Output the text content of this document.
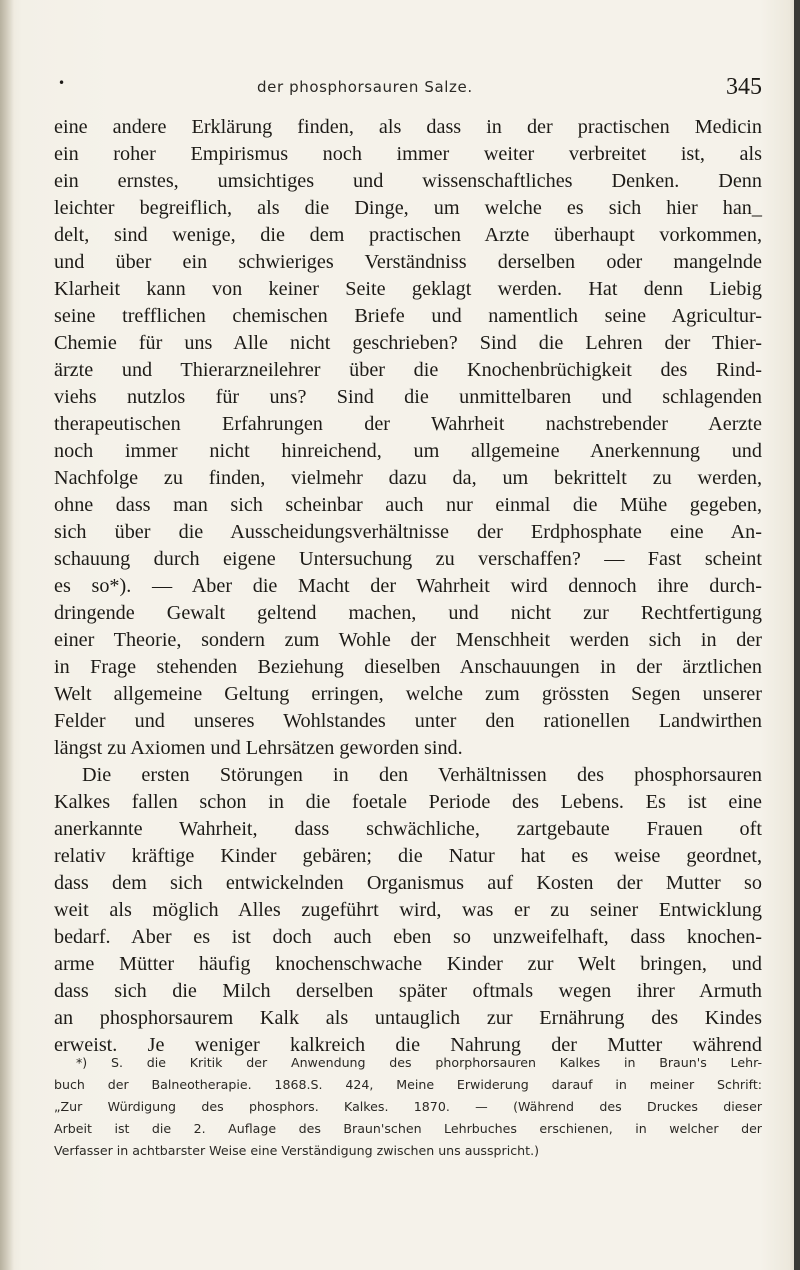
•	der phosphorsauren Salze.	345
eine andere Erklärung finden, als dass in der practischen Medicin
ein roher Empirismus noch immer weiter verbreitet ist, als
ein ernstes, umsichtiges und wissenschaftliches Denken. Denn
leichter begreiflich, als die Dinge, um welche es sich hier han_
delt, sind wenige, die dem practischen Arzte überhaupt vorkommen,
und über ein schwieriges Verständniss derselben oder mangelnde
Klarheit kann von keiner Seite geklagt werden. Hat denn Liebig
seine trefflichen chemischen Briefe und namentlich seine Agricultur-
Chemie für uns Alle nicht geschrieben? Sind die Lehren der Thier-
ärzte und Thierarzneilehrer über die Knochenbrüchigkeit des Rind-
viehs nutzlos für uns? Sind die unmittelbaren und schlagenden
therapeutischen Erfahrungen der Wahrheit nachstrebender Aerzte
noch immer nicht hinreichend, um allgemeine Anerkennung und
Nachfolge zu finden, vielmehr dazu da, um bekrittelt zu werden,
ohne dass man sich scheinbar auch nur einmal die Mühe gegeben,
sich über die Ausscheidungsverhältnisse der Erdphosphate eine An-
schauung durch eigene Untersuchung zu verschaffen? — Fast scheint
es so*). — Aber die Macht der Wahrheit wird dennoch ihre durch-
dringende Gewalt geltend machen, und nicht zur Rechtfertigung
einer Theorie, sondern zum Wohle der Menschheit werden sich in der
in Frage stehenden Beziehung dieselben Anschauungen in der ärztlichen
Welt allgemeine Geltung erringen, welche zum grössten Segen unserer
Felder und unseres Wohlstandes unter den rationellen Landwirthen
längst zu Axiomen und Lehrsätzen geworden sind.
Die ersten Störungen in den Verhältnissen des phosphorsauren
Kalkes fallen schon in die foetale Periode des Lebens. Es ist eine
anerkannte Wahrheit, dass schwächliche, zartgebaute Frauen oft
relativ kräftige Kinder gebären; die Natur hat es weise geordnet,
dass dem sich entwickelnden Organismus auf Kosten der Mutter so
weit als möglich Alles zugeführt wird, was er zu seiner Entwicklung
bedarf. Aber es ist doch auch eben so unzweifelhaft, dass knochen-
arme Mütter häufig knochenschwache Kinder zur Welt bringen, und
dass sich die Milch derselben später oftmals wegen ihrer Armuth
an phosphorsaurem Kalk als untauglich zur Ernährung des Kindes
erweist. Je weniger kalkreich die Nahrung der Mutter während
*) S. die Kritik der Anwendung des phorphorsauren Kalkes in Braun's Lehr-
buch der Balneotherapie. 1868.S. 424, Meine Erwiderung darauf in meiner Schrift:
„Zur Würdigung des phosphors. Kalkes. 1870. — (Während des Druckes dieser
Arbeit ist die 2. Auflage des Braun'schen Lehrbuches erschienen, in welcher der
Verfasser in achtbarster Weise eine Verständigung zwischen uns ausspricht.)
